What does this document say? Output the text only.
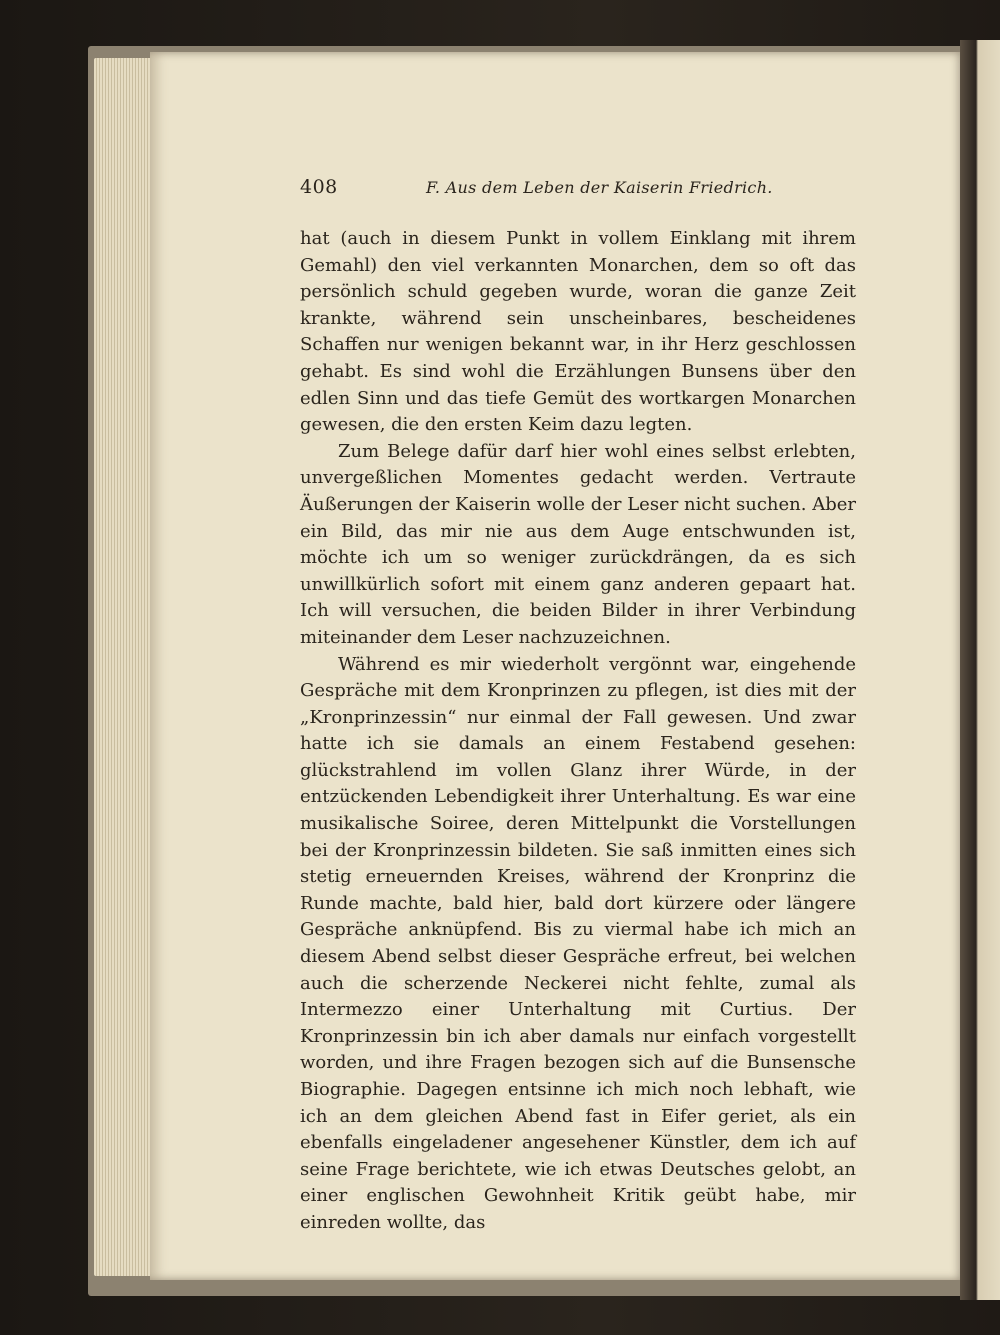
408	F. Aus dem Leben der Kaiserin Friedrich.

hat (auch in diesem Punkt in vollem Einklang mit ihrem Gemahl) den viel verkannten Monarchen, dem so oft das persönlich schuld gegeben wurde, woran die ganze Zeit krankte, während sein unscheinbares, bescheidenes Schaffen nur wenigen bekannt war, in ihr Herz geschlossen gehabt. Es sind wohl die Erzählungen Bunsens über den edlen Sinn und das tiefe Gemüt des wortkargen Monarchen gewesen, die den ersten Keim dazu legten.

Zum Belege dafür darf hier wohl eines selbst erlebten, unvergeßlichen Momentes gedacht werden. Vertraute Äußerungen der Kaiserin wolle der Leser nicht suchen. Aber ein Bild, das mir nie aus dem Auge entschwunden ist, möchte ich um so weniger zurückdrängen, da es sich unwillkürlich sofort mit einem ganz anderen gepaart hat. Ich will versuchen, die beiden Bilder in ihrer Verbindung miteinander dem Leser nachzuzeichnen.

Während es mir wiederholt vergönnt war, eingehende Gespräche mit dem Kronprinzen zu pflegen, ist dies mit der „Kronprinzessin“ nur einmal der Fall gewesen. Und zwar hatte ich sie damals an einem Festabend gesehen: glückstrahlend im vollen Glanz ihrer Würde, in der entzückenden Lebendigkeit ihrer Unterhaltung. Es war eine musikalische Soiree, deren Mittelpunkt die Vorstellungen bei der Kronprinzessin bildeten. Sie saß inmitten eines sich stetig erneuernden Kreises, während der Kronprinz die Runde machte, bald hier, bald dort kürzere oder längere Gespräche anknüpfend. Bis zu viermal habe ich mich an diesem Abend selbst dieser Gespräche erfreut, bei welchen auch die scherzende Neckerei nicht fehlte, zumal als Intermezzo einer Unterhaltung mit Curtius. Der Kronprinzessin bin ich aber damals nur einfach vorgestellt worden, und ihre Fragen bezogen sich auf die Bunsensche Biographie. Dagegen entsinne ich mich noch lebhaft, wie ich an dem gleichen Abend fast in Eifer geriet, als ein ebenfalls eingeladener angesehener Künstler, dem ich auf seine Frage berichtete, wie ich etwas Deutsches gelobt, an einer englischen Gewohnheit Kritik geübt habe, mir einreden wollte, das
